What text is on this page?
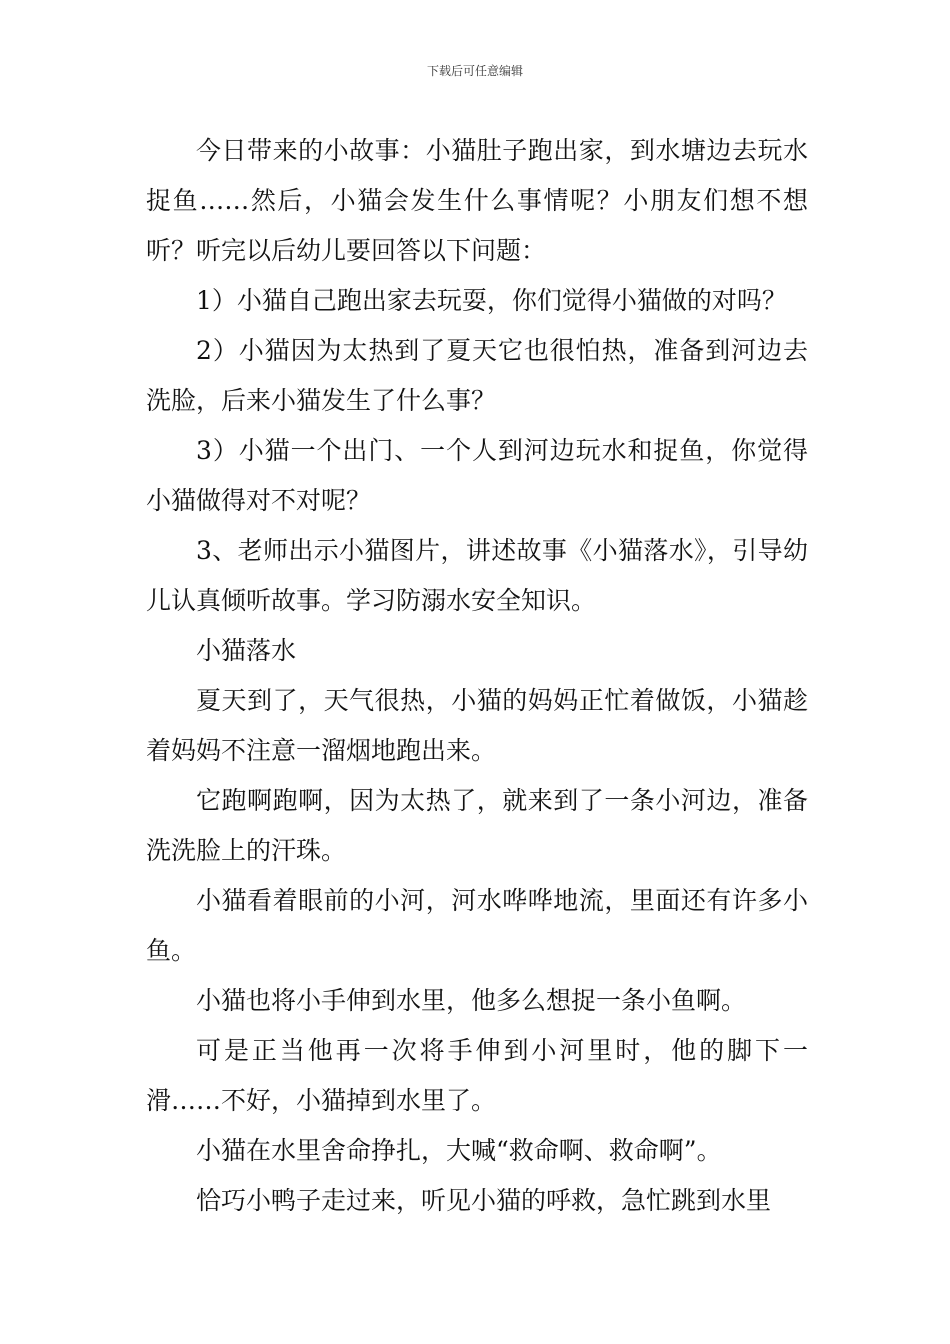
下载后可任意编辑

今日带来的小故事：小猫肚子跑出家，到水塘边去玩水捉鱼……然后，小猫会发生什么事情呢？小朋友们想不想听？听完以后幼儿要回答以下问题：

1）小猫自己跑出家去玩耍，你们觉得小猫做的对吗？

2）小猫因为太热到了夏天它也很怕热，准备到河边去洗脸，后来小猫发生了什么事？

3）小猫一个出门、一个人到河边玩水和捉鱼，你觉得小猫做得对不对呢？

3、老师出示小猫图片，讲述故事《小猫落水》，引导幼儿认真倾听故事。学习防溺水安全知识。

小猫落水

夏天到了，天气很热，小猫的妈妈正忙着做饭，小猫趁着妈妈不注意一溜烟地跑出来。

它跑啊跑啊，因为太热了，就来到了一条小河边，准备洗洗脸上的汗珠。

小猫看着眼前的小河，河水哗哗地流，里面还有许多小鱼。

小猫也将小手伸到水里，他多么想捉一条小鱼啊。

可是正当他再一次将手伸到小河里时，他的脚下一滑……不好，小猫掉到水里了。

小猫在水里舍命挣扎，大喊“救命啊、救命啊”。

恰巧小鸭子走过来，听见小猫的呼救，急忙跳到水里
